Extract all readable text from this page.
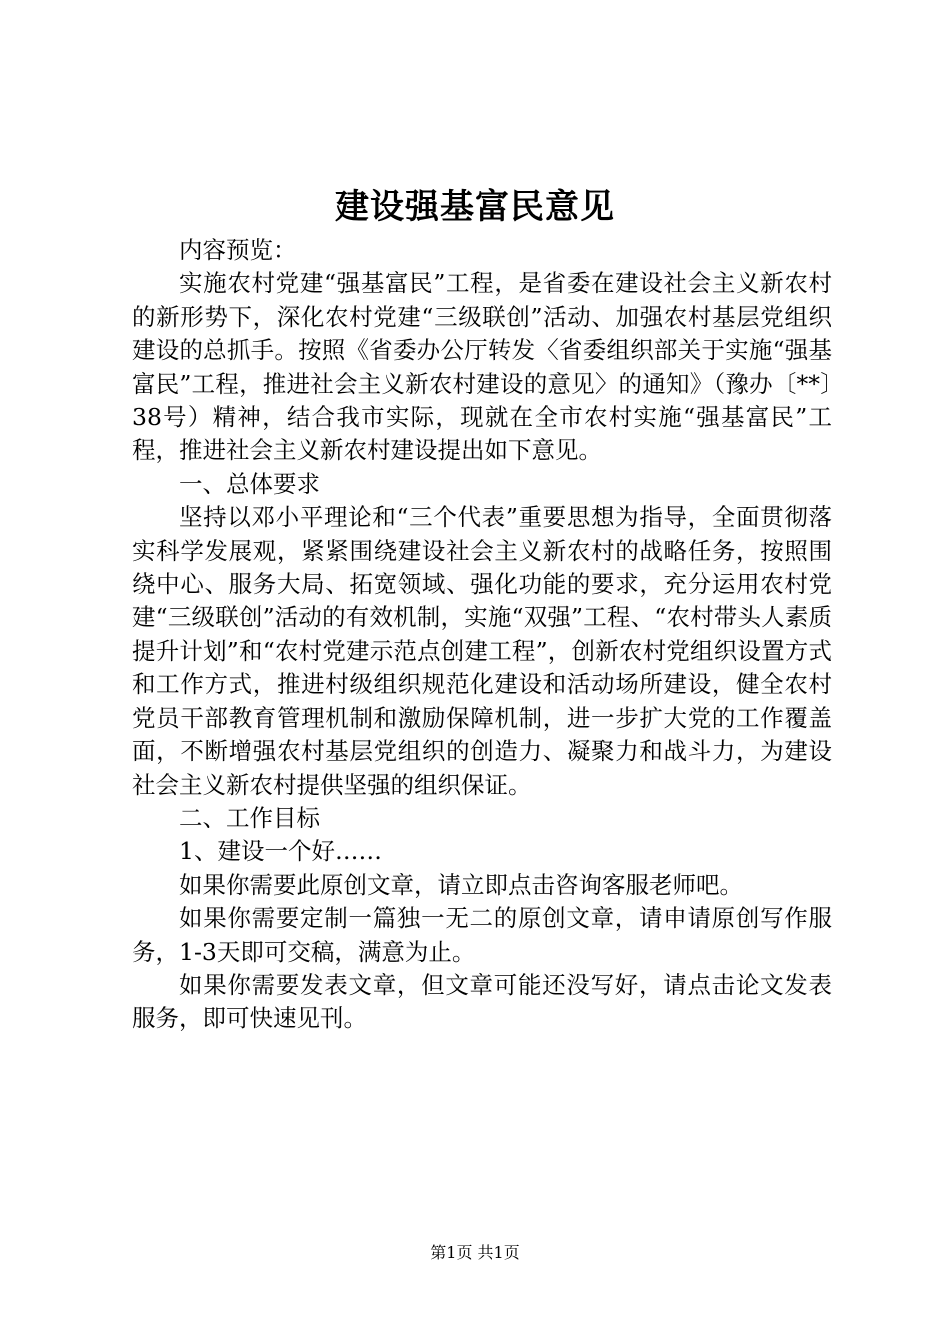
建设强基富民意见

内容预览：

实施农村党建“强基富民”工程，是省委在建设社会主义新农村的新形势下，深化农村党建“三级联创”活动、加强农村基层党组织建设的总抓手。按照《省委办公厅转发〈省委组织部关于实施“强基富民”工程，推进社会主义新农村建设的意见〉的通知》（豫办〔**〕38号）精神，结合我市实际，现就在全市农村实施“强基富民”工程，推进社会主义新农村建设提出如下意见。

一、总体要求

坚持以邓小平理论和“三个代表”重要思想为指导，全面贯彻落实科学发展观，紧紧围绕建设社会主义新农村的战略任务，按照围绕中心、服务大局、拓宽领域、强化功能的要求，充分运用农村党建“三级联创”活动的有效机制，实施“双强”工程、“农村带头人素质提升计划”和“农村党建示范点创建工程”，创新农村党组织设置方式和工作方式，推进村级组织规范化建设和活动场所建设，健全农村党员干部教育管理机制和激励保障机制，进一步扩大党的工作覆盖面，不断增强农村基层党组织的创造力、凝聚力和战斗力，为建设社会主义新农村提供坚强的组织保证。

二、工作目标

1、建设一个好……

如果你需要此原创文章，请立即点击咨询客服老师吧。

如果你需要定制一篇独一无二的原创文章，请申请原创写作服务，1-3天即可交稿，满意为止。

如果你需要发表文章，但文章可能还没写好，请点击论文发表服务，即可快速见刊。

第1页 共1页
